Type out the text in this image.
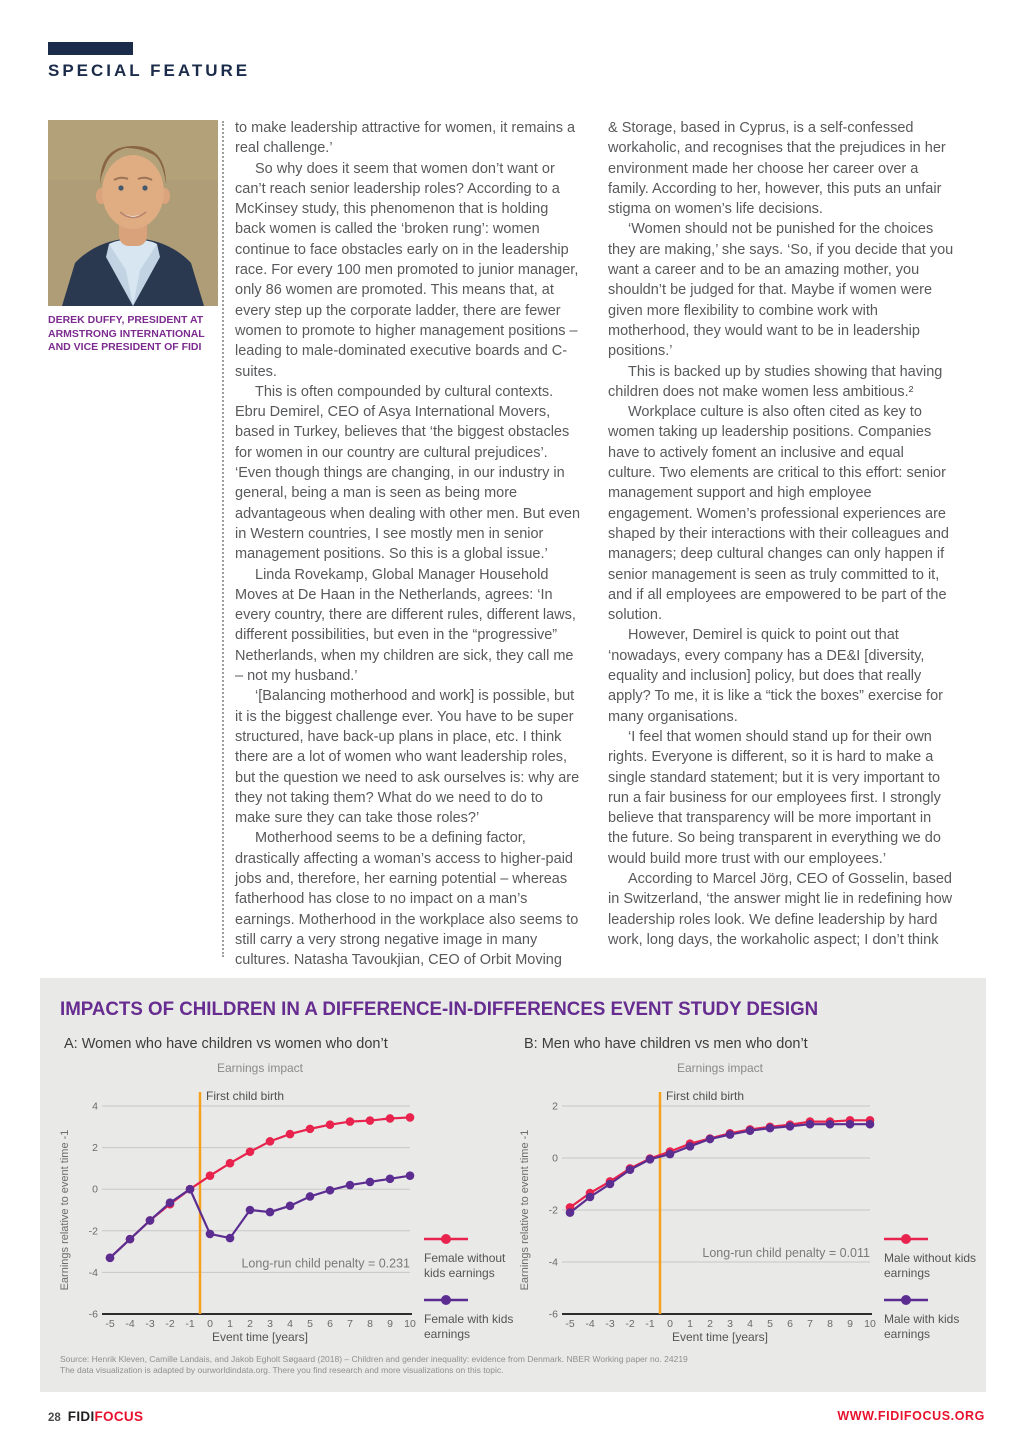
SPECIAL FEATURE
DEREK DUFFY, PRESIDENT AT ARMSTRONG INTERNATIONAL AND VICE PRESIDENT OF FIDI

to make leadership attractive for women, it remains a real challenge.’

So why does it seem that women don’t want or can’t reach senior leadership roles? According to a McKinsey study, this phenomenon that is holding back women is called the ‘broken rung’: women continue to face obstacles early on in the leadership race. For every 100 men promoted to junior manager, only 86 women are promoted. This means that, at every step up the corporate ladder, there are fewer women to promote to higher management positions – leading to male-dominated executive boards and C-suites.

This is often compounded by cultural contexts. Ebru Demirel, CEO of Asya International Movers, based in Turkey, believes that ‘the biggest obstacles for women in our country are cultural prejudices’. ‘Even though things are changing, in our industry in general, being a man is seen as being more advantageous when dealing with other men. But even in Western countries, I see mostly men in senior management positions. So this is a global issue.’

Linda Rovekamp, Global Manager Household Moves at De Haan in the Netherlands, agrees: ‘In every country, there are different rules, different laws, different possibilities, but even in the “progressive” Netherlands, when my children are sick, they call me – not my husband.’

‘[Balancing motherhood and work] is possible, but it is the biggest challenge ever. You have to be super structured, have back-up plans in place, etc. I think there are a lot of women who want leadership roles, but the question we need to ask ourselves is: why are they not taking them? What do we need to do to make sure they can take those roles?’

Motherhood seems to be a defining factor, drastically affecting a woman’s access to higher-paid jobs and, therefore, her earning potential – whereas fatherhood has close to no impact on a man’s earnings. Motherhood in the workplace also seems to still carry a very strong negative image in many cultures. Natasha Tavoukjian, CEO of Orbit Moving

& Storage, based in Cyprus, is a self-confessed workaholic, and recognises that the prejudices in her environment made her choose her career over a family. According to her, however, this puts an unfair stigma on women’s life decisions.

‘Women should not be punished for the choices they are making,’ she says. ‘So, if you decide that you want a career and to be an amazing mother, you shouldn’t be judged for that. Maybe if women were given more flexibility to combine work with motherhood, they would want to be in leadership positions.’

This is backed up by studies showing that having children does not make women less ambitious.²

Workplace culture is also often cited as key to women taking up leadership positions. Companies have to actively foment an inclusive and equal culture. Two elements are critical to this effort: senior management support and high employee engagement. Women’s professional experiences are shaped by their interactions with their colleagues and managers; deep cultural changes can only happen if senior management is seen as truly committed to it, and if all employees are empowered to be part of the solution.

However, Demirel is quick to point out that ‘nowadays, every company has a DE&I [diversity, equality and inclusion] policy, but does that really apply? To me, it is like a “tick the boxes” exercise for many organisations.

‘I feel that women should stand up for their own rights. Everyone is different, so it is hard to make a single standard statement; but it is very important to run a fair business for our employees first. I strongly believe that transparency will be more important in the future. So being transparent in everything we do would build more trust with our employees.’

According to Marcel Jörg, CEO of Gosselin, based in Switzerland, ‘the answer might lie in redefining how leadership roles look. We define leadership by hard work, long days, the workaholic aspect; I don’t think

IMPACTS OF CHILDREN IN A DIFFERENCE-IN-DIFFERENCES EVENT STUDY DESIGN
A: Women who have children vs women who don’t
Earnings impact
4
2
0
-2
-4
-6
Earnings relative to event time -1
First child birth
Long-run child penalty = 0.231
-5 -4 -3 -2 -1 0 1 2 3 4 5 6 7 8 9 10
Event time [years]
Female without kids earnings
Female with kids earnings
B: Men who have children vs men who don’t
Earnings impact
2
0
-2
-4
-6
Earnings relative to event time -1
First child birth
Long-run child penalty = 0.011
-5 -4 -3 -2 -1 0 1 2 3 4 5 6 7 8 9 10
Event time [years]
Male without kids earnings
Male with kids earnings
Source: Henrik Kleven, Camille Landais, and Jakob Egholt Søgaard (2018) – Children and gender inequality: evidence from Denmark. NBER Working paper no. 24219
The data visualization is adapted by ourworldindata.org. There you find research and more visualizations on this topic.
28 FIDIFOCUS	WWW.FIDIFOCUS.ORG
